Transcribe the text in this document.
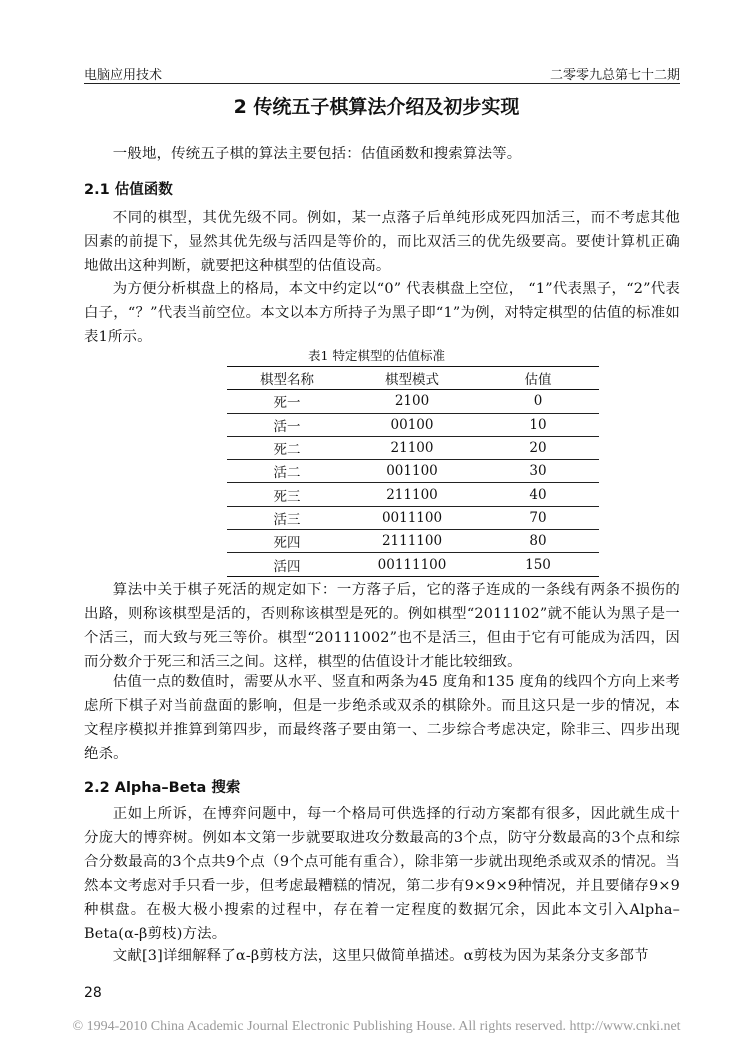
电脑应用技术	二零零九总第七十二期
2 传统五子棋算法介绍及初步实现
一般地，传统五子棋的算法主要包括：估值函数和搜索算法等。
2.1 估值函数
不同的棋型，其优先级不同。例如，某一点落子后单纯形成死四加活三，而不考虑其他因素的前提下，显然其优先级与活四是等价的，而比双活三的优先级要高。要使计算机正确地做出这种判断，就要把这种棋型的估值设高。
为方便分析棋盘上的格局，本文中约定以“0” 代表棋盘上空位， “1”代表黑子，“2”代表白子，“？”代表当前空位。本文以本方所持子为黑子即“1”为例，对特定棋型的估值的标准如表1所示。
表1 特定棋型的估值标准
棋型名称	棋型模式	估值
死一	2100	0
活一	00100	10
死二	21100	20
活二	001100	30
死三	211100	40
活三	0011100	70
死四	2111100	80
活四	00111100	150
算法中关于棋子死活的规定如下：一方落子后，它的落子连成的一条线有两条不损伤的出路，则称该棋型是活的，否则称该棋型是死的。例如棋型“2011102”就不能认为黑子是一个活三，而大致与死三等价。棋型“20111002”也不是活三，但由于它有可能成为活四，因而分数介于死三和活三之间。这样，棋型的估值设计才能比较细致。
估值一点的数值时，需要从水平、竖直和两条为45 度角和135 度角的线四个方向上来考虑所下棋子对当前盘面的影响，但是一步绝杀或双杀的棋除外。而且这只是一步的情况，本文程序模拟并推算到第四步，而最终落子要由第一、二步综合考虑决定，除非三、四步出现绝杀。
2.2 Alpha–Beta 搜索
正如上所诉，在博弈问题中，每一个格局可供选择的行动方案都有很多，因此就生成十分庞大的博弈树。例如本文第一步就要取进攻分数最高的3个点，防守分数最高的3个点和综合分数最高的3个点共9个点（9个点可能有重合），除非第一步就出现绝杀或双杀的情况。当然本文考虑对手只看一步，但考虑最糟糕的情况，第二步有9×9×9种情况，并且要储存9×9种棋盘。在极大极小搜索的过程中，存在着一定程度的数据冗余，因此本文引入Alpha– Beta(α-β剪枝)方法。
文献[3]详细解释了α-β剪枝方法，这里只做简单描述。α剪枝为因为某条分支多部节
28
© 1994-2010 China Academic Journal Electronic Publishing House. All rights reserved. http://www.cnki.net
